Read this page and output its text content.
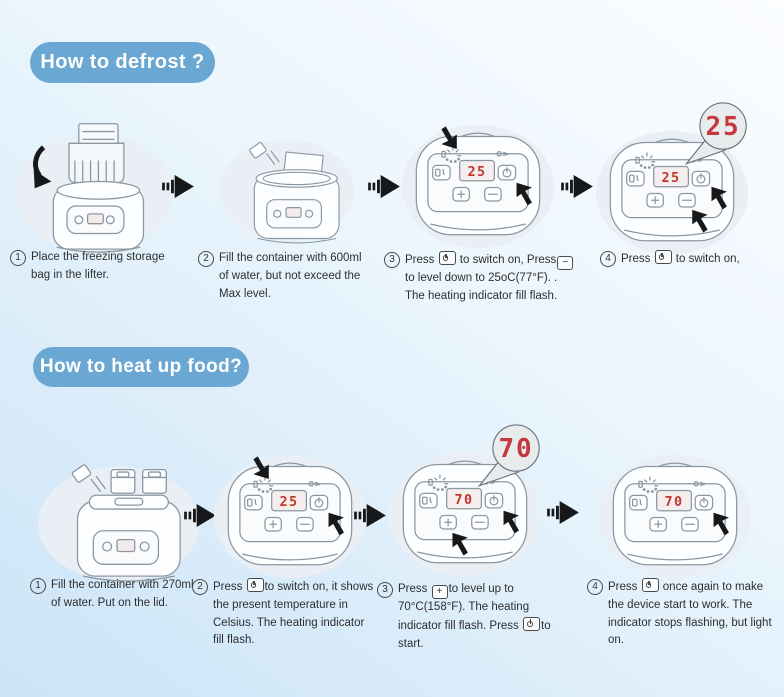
How to defrost ?
25	25
25
1 Place the freezing storage bag in the lifter.
2 Fill the container with 600ml of water, but not exceed the Max level.
3 Press  to switch on, Press − to level down to 25oC(77°F). . The heating indicator fill flash.
4 Press  to switch on,
How to heat up food?
25	70
70
70
1 Fill the container with 270ml of water. Put on the lid.
2 Press to switch on, it shows the present temperature in Celsius. The heating indicator fill flash.
3 Press + to level up to 70°C(158°F). The heating indicator fill flash. Press to start.
4 Press  once again to make the device start to work. The indicator stops flashing, but light on.
